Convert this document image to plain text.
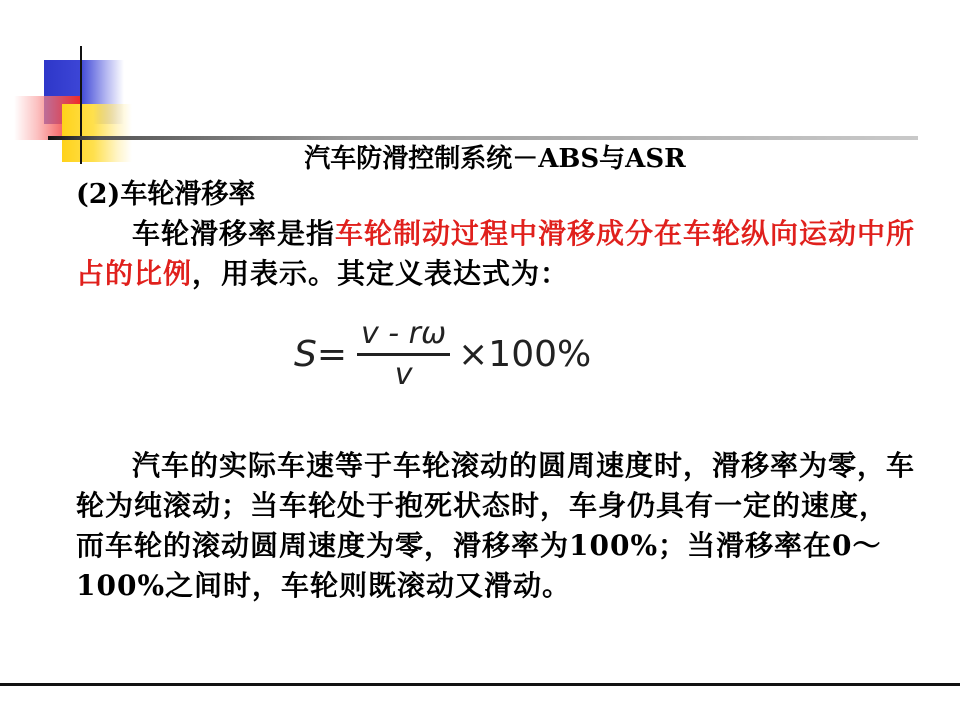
汽车防滑控制系统－ABS与ASR
(2)车轮滑移率
车轮滑移率是指车轮制动过程中滑移成分在车轮纵向运动中所占的比例，用表示。其定义表达式为：
$S= \frac{v - r\omega}{v} \times 100\%$
汽车的实际车速等于车轮滚动的圆周速度时，滑移率为零，车轮为纯滚动；当车轮处于抱死状态时，车身仍具有一定的速度，而车轮的滚动圆周速度为零，滑移率为100%；当滑移率在0～100%之间时，车轮则既滚动又滑动。
